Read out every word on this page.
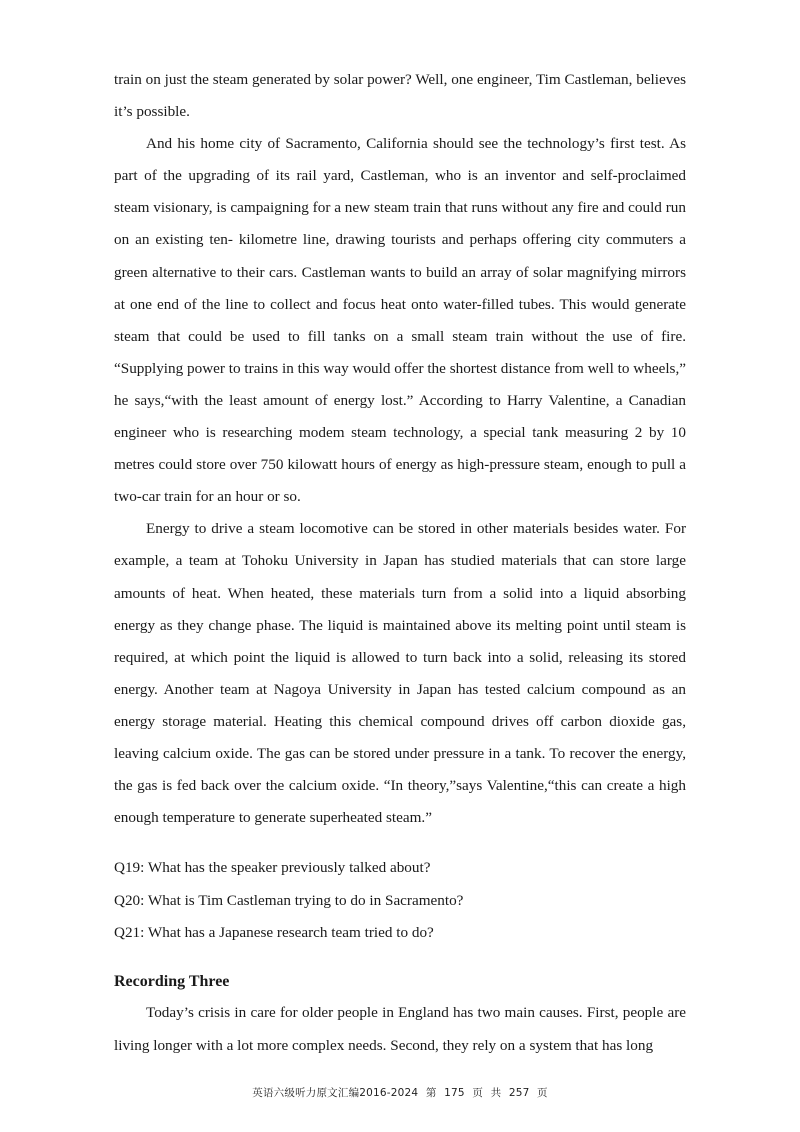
train on just the steam generated by solar power? Well, one engineer, Tim Castleman, believes it’s possible.

And his home city of Sacramento, California should see the technology’s first test. As part of the upgrading of its rail yard, Castleman, who is an inventor and self-proclaimed steam visionary, is campaigning for a new steam train that runs without any fire and could run on an existing ten- kilometre line, drawing tourists and perhaps offering city commuters a green alternative to their cars. Castleman wants to build an array of solar magnifying mirrors at one end of the line to collect and focus heat onto water-filled tubes. This would generate steam that could be used to fill tanks on a small steam train without the use of fire. “Supplying power to trains in this way would offer the shortest distance from well to wheels,” he says,“with the least amount of energy lost.” According to Harry Valentine, a Canadian engineer who is researching modem steam technology, a special tank measuring 2 by 10 metres could store over 750 kilowatt hours of energy as high-pressure steam, enough to pull a two-car train for an hour or so.

Energy to drive a steam locomotive can be stored in other materials besides water. For example, a team at Tohoku University in Japan has studied materials that can store large amounts of heat. When heated, these materials turn from a solid into a liquid absorbing energy as they change phase. The liquid is maintained above its melting point until steam is required, at which point the liquid is allowed to turn back into a solid, releasing its stored energy. Another team at Nagoya University in Japan has tested calcium compound as an energy storage material. Heating this chemical compound drives off carbon dioxide gas, leaving calcium oxide. The gas can be stored under pressure in a tank. To recover the energy, the gas is fed back over the calcium oxide. “In theory,”says Valentine,“this can create a high enough temperature to generate superheated steam.”

Q19: What has the speaker previously talked about?

Q20: What is Tim Castleman trying to do in Sacramento?

Q21: What has a Japanese research team tried to do?

Recording Three

Today’s crisis in care for older people in England has two main causes. First, people are living longer with a lot more complex needs. Second, they rely on a system that has long

英语六级听力原文汇编2016-2024 第 175 页 共 257 页
